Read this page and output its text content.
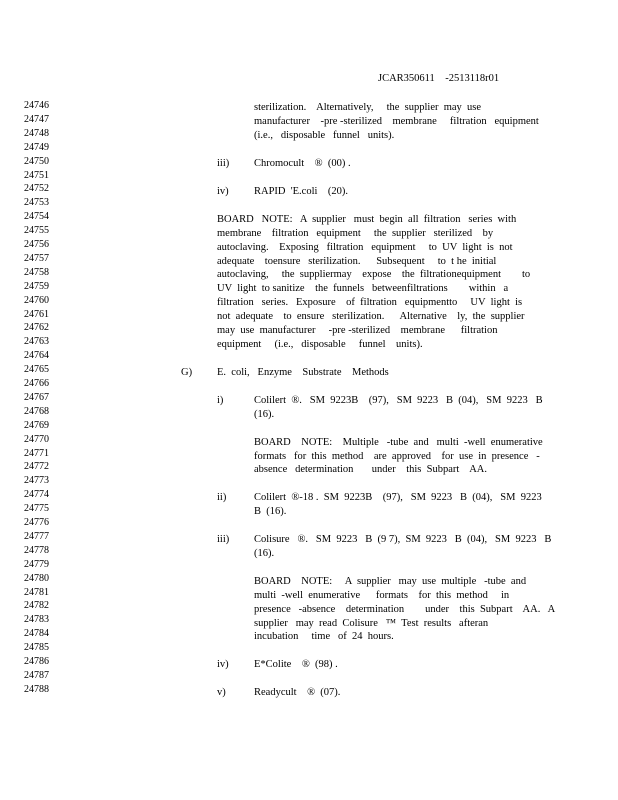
JCAR350611    -2513118r01
24746
24747
24748
24749
24750
24751
24752
24753
24754
24755
24756
24757
24758
24759
24760
24761
24762
24763
24764
24765
24766
24767
24768
24769
24770
24771
24772
24773
24774
24775
24776
24777
24778
24779
24780
24781
24782
24783
24784
24785
24786
24787
24788
sterilization.    Alternatively,     the  supplier  may  use
manufacturer    -pre -sterilized    membrane     filtration   equipment
(i.e.,   disposable   funnel   units).
iii) Chromocult    ®  (00) .
iv) RAPID  'E.coli    (20).
BOARD   NOTE:   A  supplier   must  begin  all  filtration   series  with
membrane    filtration   equipment     the  supplier   sterilized    by
autoclaving.    Exposing   filtration   equipment     to  UV  light  is  not
adequate    toensure   sterilization.      Subsequent     to  t he  initial
autoclaving,     the  suppliermay    expose    the  filtrationequipment        to
UV  light  to sanitize    the  funnels   betweenfiltrations        within   a
filtration   series.   Exposure    of  filtration   equipmentto     UV  light  is
not  adequate    to  ensure   sterilization.      Alternative    ly,  the  supplier
may  use  manufacturer     -pre -sterilized    membrane      filtration
equipment     (i.e.,   disposable     funnel    units).
G) E.  coli,   Enzyme    Substrate    Methods
i)	Colilert  ®.   SM  9223B    (97),   SM  9223   B  (04),   SM  9223   B
(16).
BOARD    NOTE:    Multiple   -tube  and   multi  -well  enumerative
formats   for  this  method    are  approved    for  use  in  presence   -
absence   determination       under    this  Subpart    AA.
ii)	Colilert  ®-18 .  SM  9223B    (97),   SM  9223   B  (04),   SM  9223
B  (16).
iii) Colisure   ®.   SM  9223   B  (9 7),  SM  9223   B  (04),   SM  9223   B
(16).
BOARD    NOTE:     A  supplier   may  use  multiple   -tube  and
multi  -well  enumerative      formats    for  this  method     in
presence   -absence    determination        under    this  Subpart    AA.   A
supplier   may  read  Colisure   ™  Test  results   afteran
incubation     time   of  24  hours.
iv) E*Colite    ®  (98) .
v)	Readycult    ®  (07).
